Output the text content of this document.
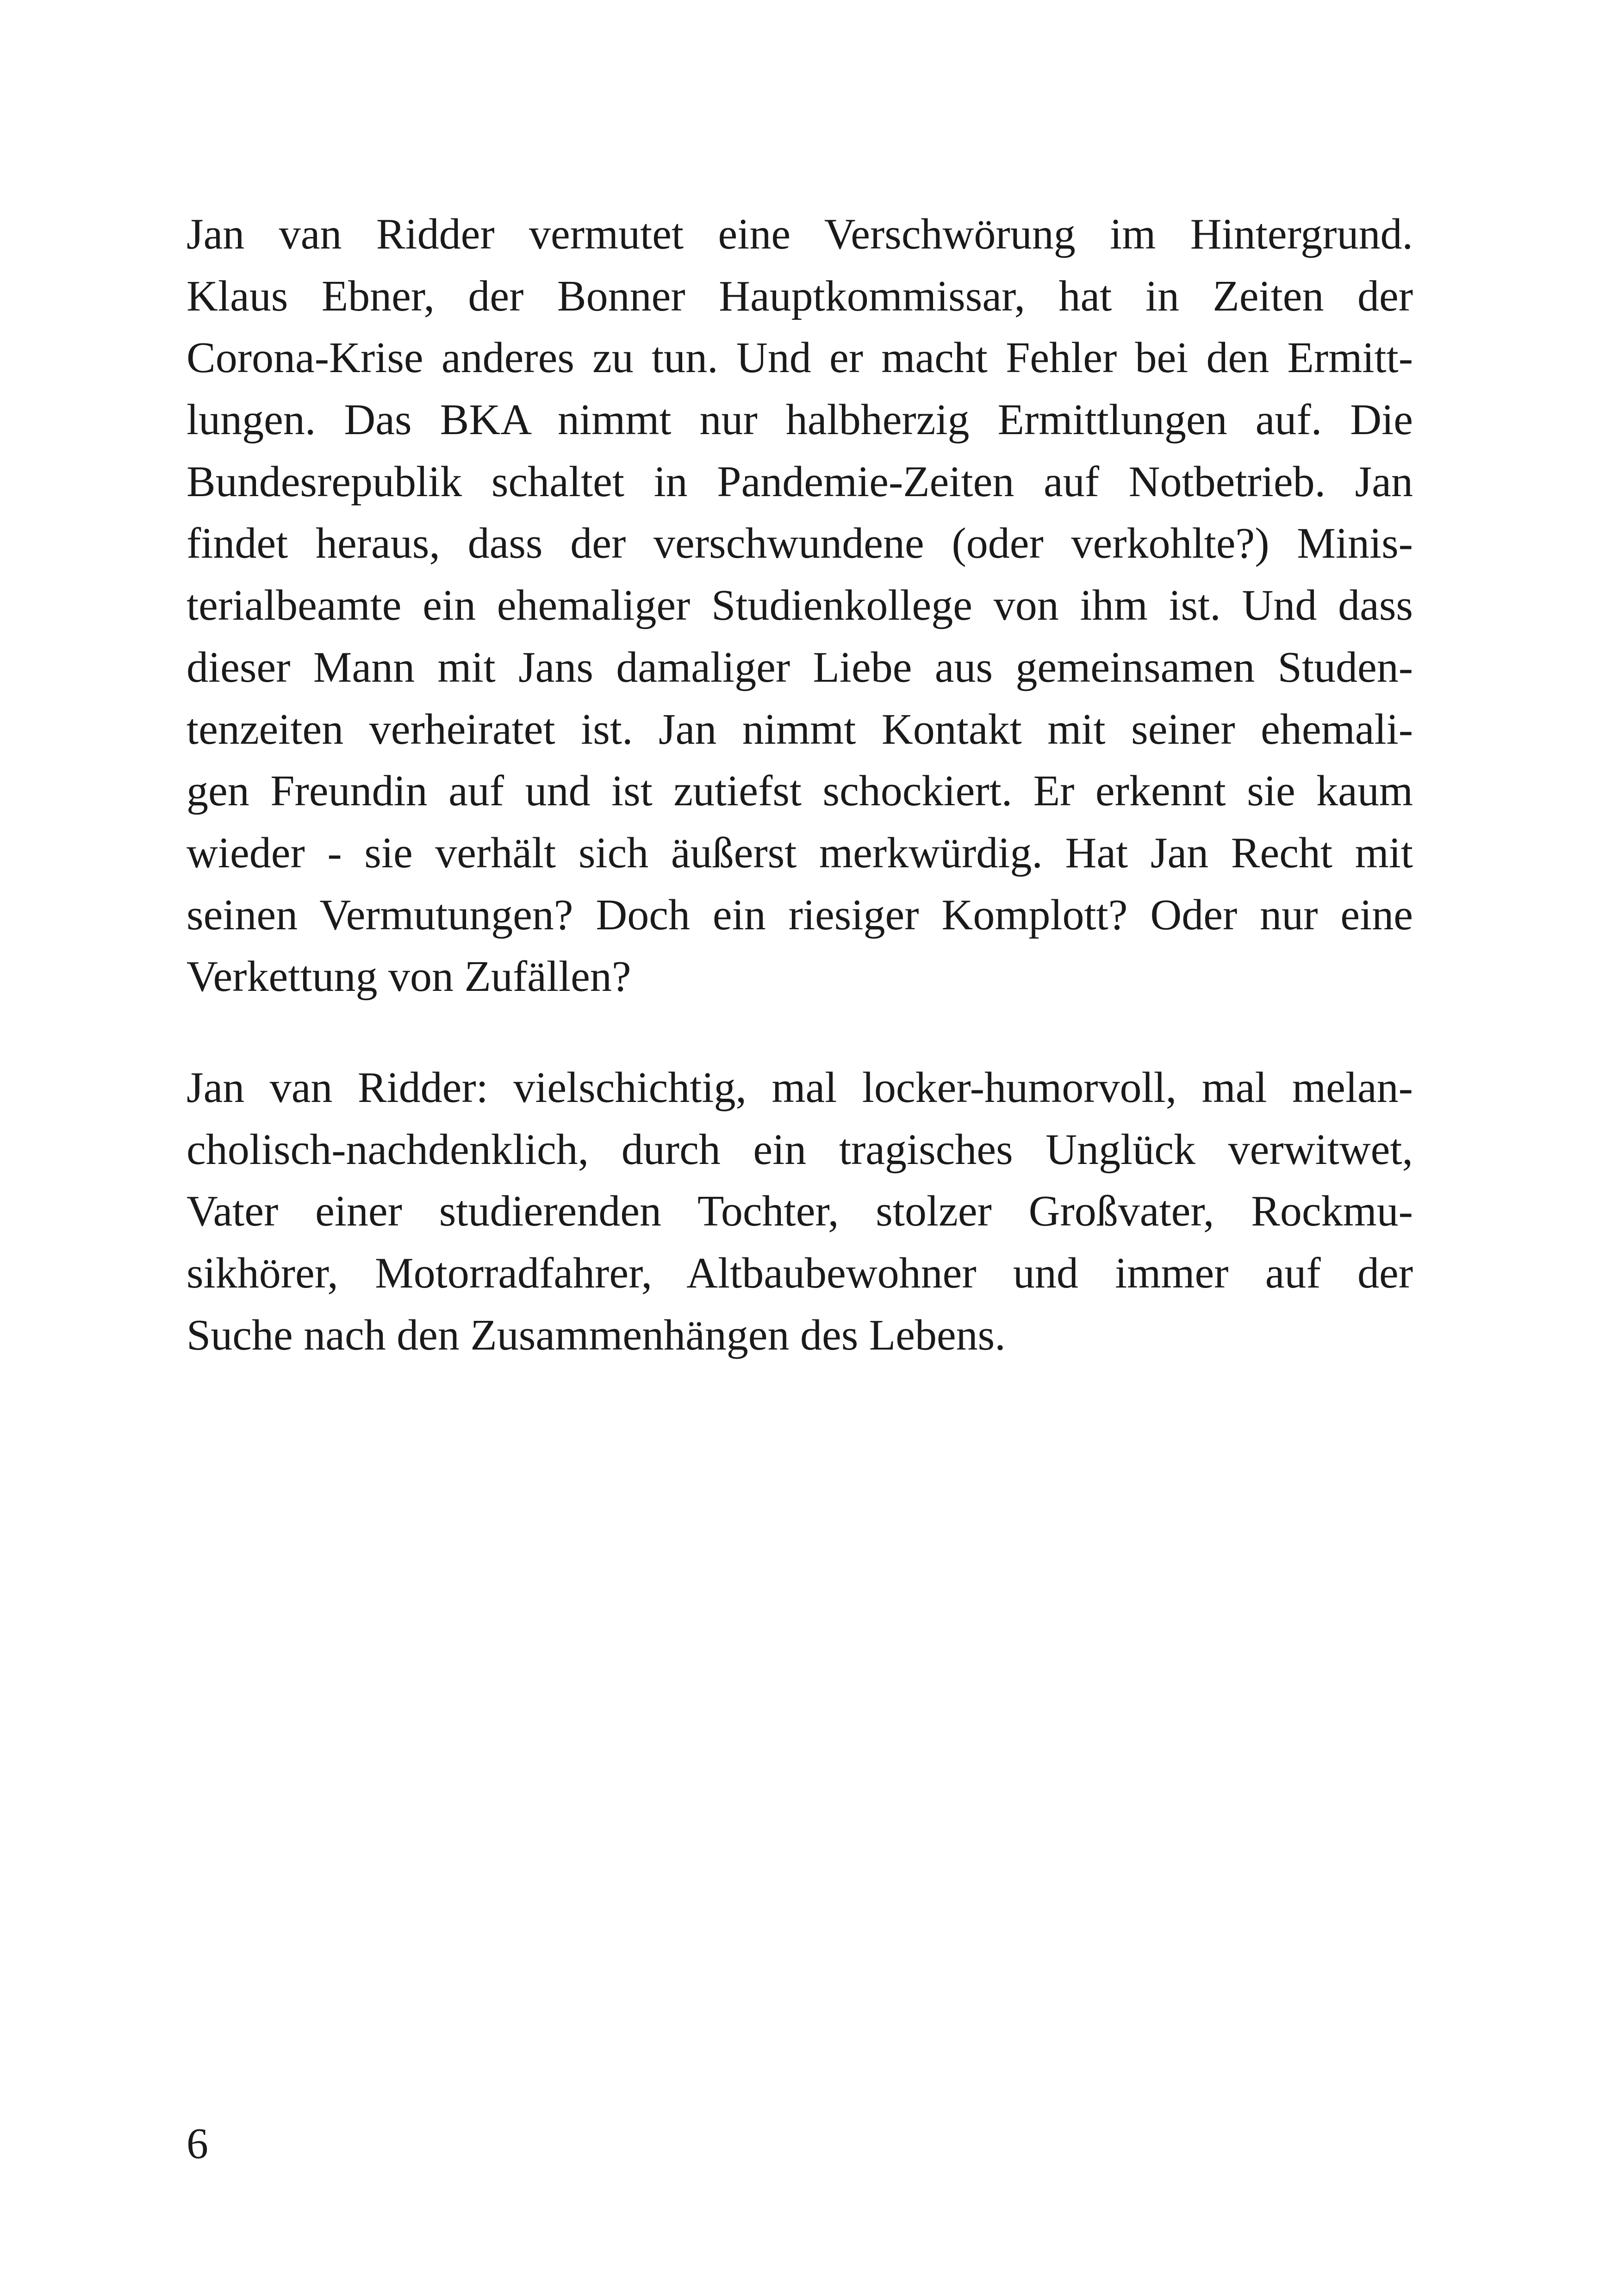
Jan van Ridder vermutet eine Verschwörung im Hintergrund.
Klaus Ebner, der Bonner Hauptkommissar, hat in Zeiten der
Corona-Krise anderes zu tun. Und er macht Fehler bei den Ermitt-
lungen. Das BKA nimmt nur halbherzig Ermittlungen auf. Die
Bundesrepublik schaltet in Pandemie-Zeiten auf Notbetrieb. Jan
findet heraus, dass der verschwundene (oder verkohlte?) Minis-
terialbeamte ein ehemaliger Studienkollege von ihm ist. Und dass
dieser Mann mit Jans damaliger Liebe aus gemeinsamen Studen-
tenzeiten verheiratet ist. Jan nimmt Kontakt mit seiner ehemali-
gen Freundin auf und ist zutiefst schockiert. Er erkennt sie kaum
wieder - sie verhält sich äußerst merkwürdig. Hat Jan Recht mit
seinen Vermutungen? Doch ein riesiger Komplott? Oder nur eine
Verkettung von Zufällen?
Jan van Ridder: vielschichtig, mal locker-humorvoll, mal melan-
cholisch-nachdenklich, durch ein tragisches Unglück verwitwet,
Vater einer studierenden Tochter, stolzer Großvater, Rockmu-
sikhörer, Motorradfahrer, Altbaubewohner und immer auf der
Suche nach den Zusammenhängen des Lebens.
6
